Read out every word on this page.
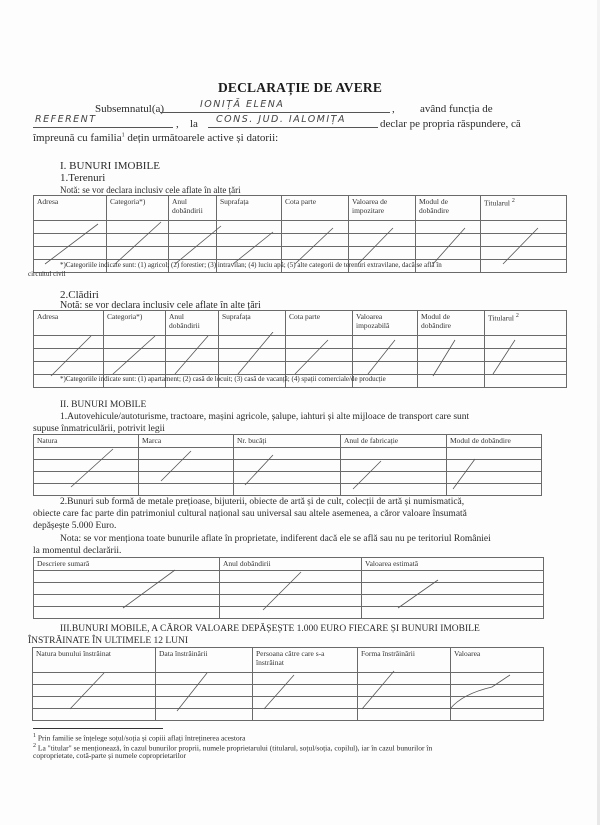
DECLARAȚIE DE AVERE
Subsemnatul(a)	IONIȚĂ ELENA	, având funcția de
REFERENT	, la CONS. JUD. IALOMIȚA	declar pe propria răspundere, că
împreună cu familia$^1$ dețin următoarele active și datorii:
I. BUNURI IMOBILE
1.Terenuri
Notă: se vor declara inclusiv cele aflate în alte țări
Adresa	Categoria*)	Anul dobândirii	Suprafața	Cota parte	Valoarea de impozitare	Modul de dobândire	Titularul $^2$

*)Categoriile indicate sunt: (1) agricol; (2) forestier; (3) intravilan; (4) luciu apă; (5) alte categorii de terenuri extravilane, dacă se află în
circuitul civil
2.Clădiri
Notă: se vor declara inclusiv cele aflate în alte țări
Adresa	Categoria*)	Anul dobândirii	Suprafața	Cota parte	Valoarea impozabilă	Modul de dobândire	Titularul $^2$

*)Categoriile indicate sunt: (1) apartament; (2) casă de locuit; (3) casă de vacanță; (4) spații comerciale/de producție
II. BUNURI MOBILE
1.Autovehicule/autoturisme, tractoare, mașini agricole, șalupe, iahturi și alte mijloace de transport care sunt
supuse înmatriculării, potrivit legii
Natura	Marca	Nr. bucăți	Anul de fabricație	Modul de dobândire

2.Bunuri sub formă de metale prețioase, bijuterii, obiecte de artă și de cult, colecții de artă și numismatică,
obiecte care fac parte din patrimoniul cultural național sau universal sau altele asemenea, a căror valoare însumată
depășește 5.000 Euro.
Nota: se vor menționa toate bunurile aflate în proprietate, indiferent dacă ele se află sau nu pe teritoriul României
la momentul declarării.
Descriere sumară	Anul dobândirii	Valoarea estimată

III.BUNURI MOBILE, A CĂROR VALOARE DEPĂȘEȘTE 1.000 EURO FIECARE ȘI BUNURI IMOBILE
ÎNSTRĂINATE ÎN ULTIMELE 12 LUNI
Natura bunului înstrăinat	Data înstrăinării	Persoana către care s-a înstrăinat	Forma înstrăinării	Valoarea

$^1$ Prin familie se înțelege soțul/soția și copiii aflați întreținerea acestora
$^2$ La "titular" se menționează, în cazul bunurilor proprii, numele proprietarului (titularul, soțul/soția, copilul), iar în cazul bunurilor în
coproprietate, cotă-parte și numele coproprietarilor
